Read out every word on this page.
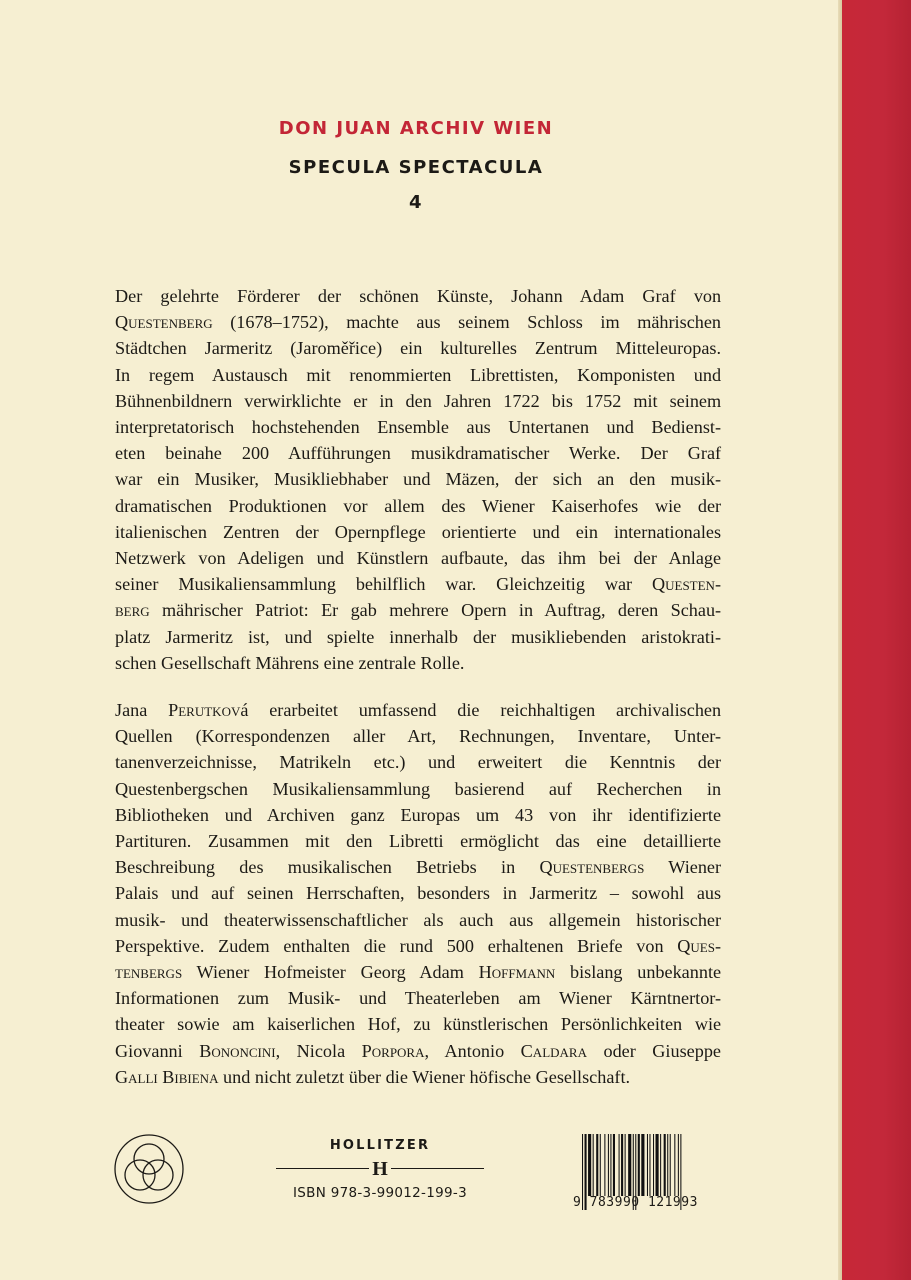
DON JUAN ARCHIV WIEN
SPECULA SPECTACULA
4

Der gelehrte Förderer der schönen Künste, Johann Adam Graf von
Questenberg (1678–1752), machte aus seinem Schloss im mährischen
Städtchen Jarmeritz (Jaroměřice) ein kulturelles Zentrum Mitteleuropas.
In regem Austausch mit renommierten Librettisten, Komponisten und
Bühnenbildnern verwirklichte er in den Jahren 1722 bis 1752 mit seinem
interpretatorisch hochstehenden Ensemble aus Untertanen und Bedienst-
eten beinahe 200 Aufführungen musikdramatischer Werke. Der Graf
war ein Musiker, Musikliebhaber und Mäzen, der sich an den musik-
dramatischen Produktionen vor allem des Wiener Kaiserhofes wie der
italienischen Zentren der Opernpflege orientierte und ein internationales
Netzwerk von Adeligen und Künstlern aufbaute, das ihm bei der Anlage
seiner Musikaliensammlung behilflich war. Gleichzeitig war Questen-
berg mährischer Patriot: Er gab mehrere Opern in Auftrag, deren Schau-
platz Jarmeritz ist, und spielte innerhalb der musikliebenden aristokrati-
schen Gesellschaft Mährens eine zentrale Rolle.

Jana Perutková erarbeitet umfassend die reichhaltigen archivalischen
Quellen (Korrespondenzen aller Art, Rechnungen, Inventare, Unter-
tanenverzeichnisse, Matrikeln etc.) und erweitert die Kenntnis der
Questenbergschen Musikaliensammlung basierend auf Recherchen in
Bibliotheken und Archiven ganz Europas um 43 von ihr identifizierte
Partituren. Zusammen mit den Libretti ermöglicht das eine detaillierte
Beschreibung des musikalischen Betriebs in Questenbergs Wiener
Palais und auf seinen Herrschaften, besonders in Jarmeritz – sowohl aus
musik- und theaterwissenschaftlicher als auch aus allgemein historischer
Perspektive. Zudem enthalten die rund 500 erhaltenen Briefe von Ques-
tenbergs Wiener Hofmeister Georg Adam Hoffmann bislang unbekannte
Informationen zum Musik- und Theaterleben am Wiener Kärntnertor-
theater sowie am kaiserlichen Hof, zu künstlerischen Persönlichkeiten wie
Giovanni Bononcini, Nicola Porpora, Antonio Caldara oder Giuseppe
Galli Bibiena und nicht zuletzt über die Wiener höfische Gesellschaft.

HOLLITZER
H
ISBN 978-3-99012-199-3
9 783990 121993
